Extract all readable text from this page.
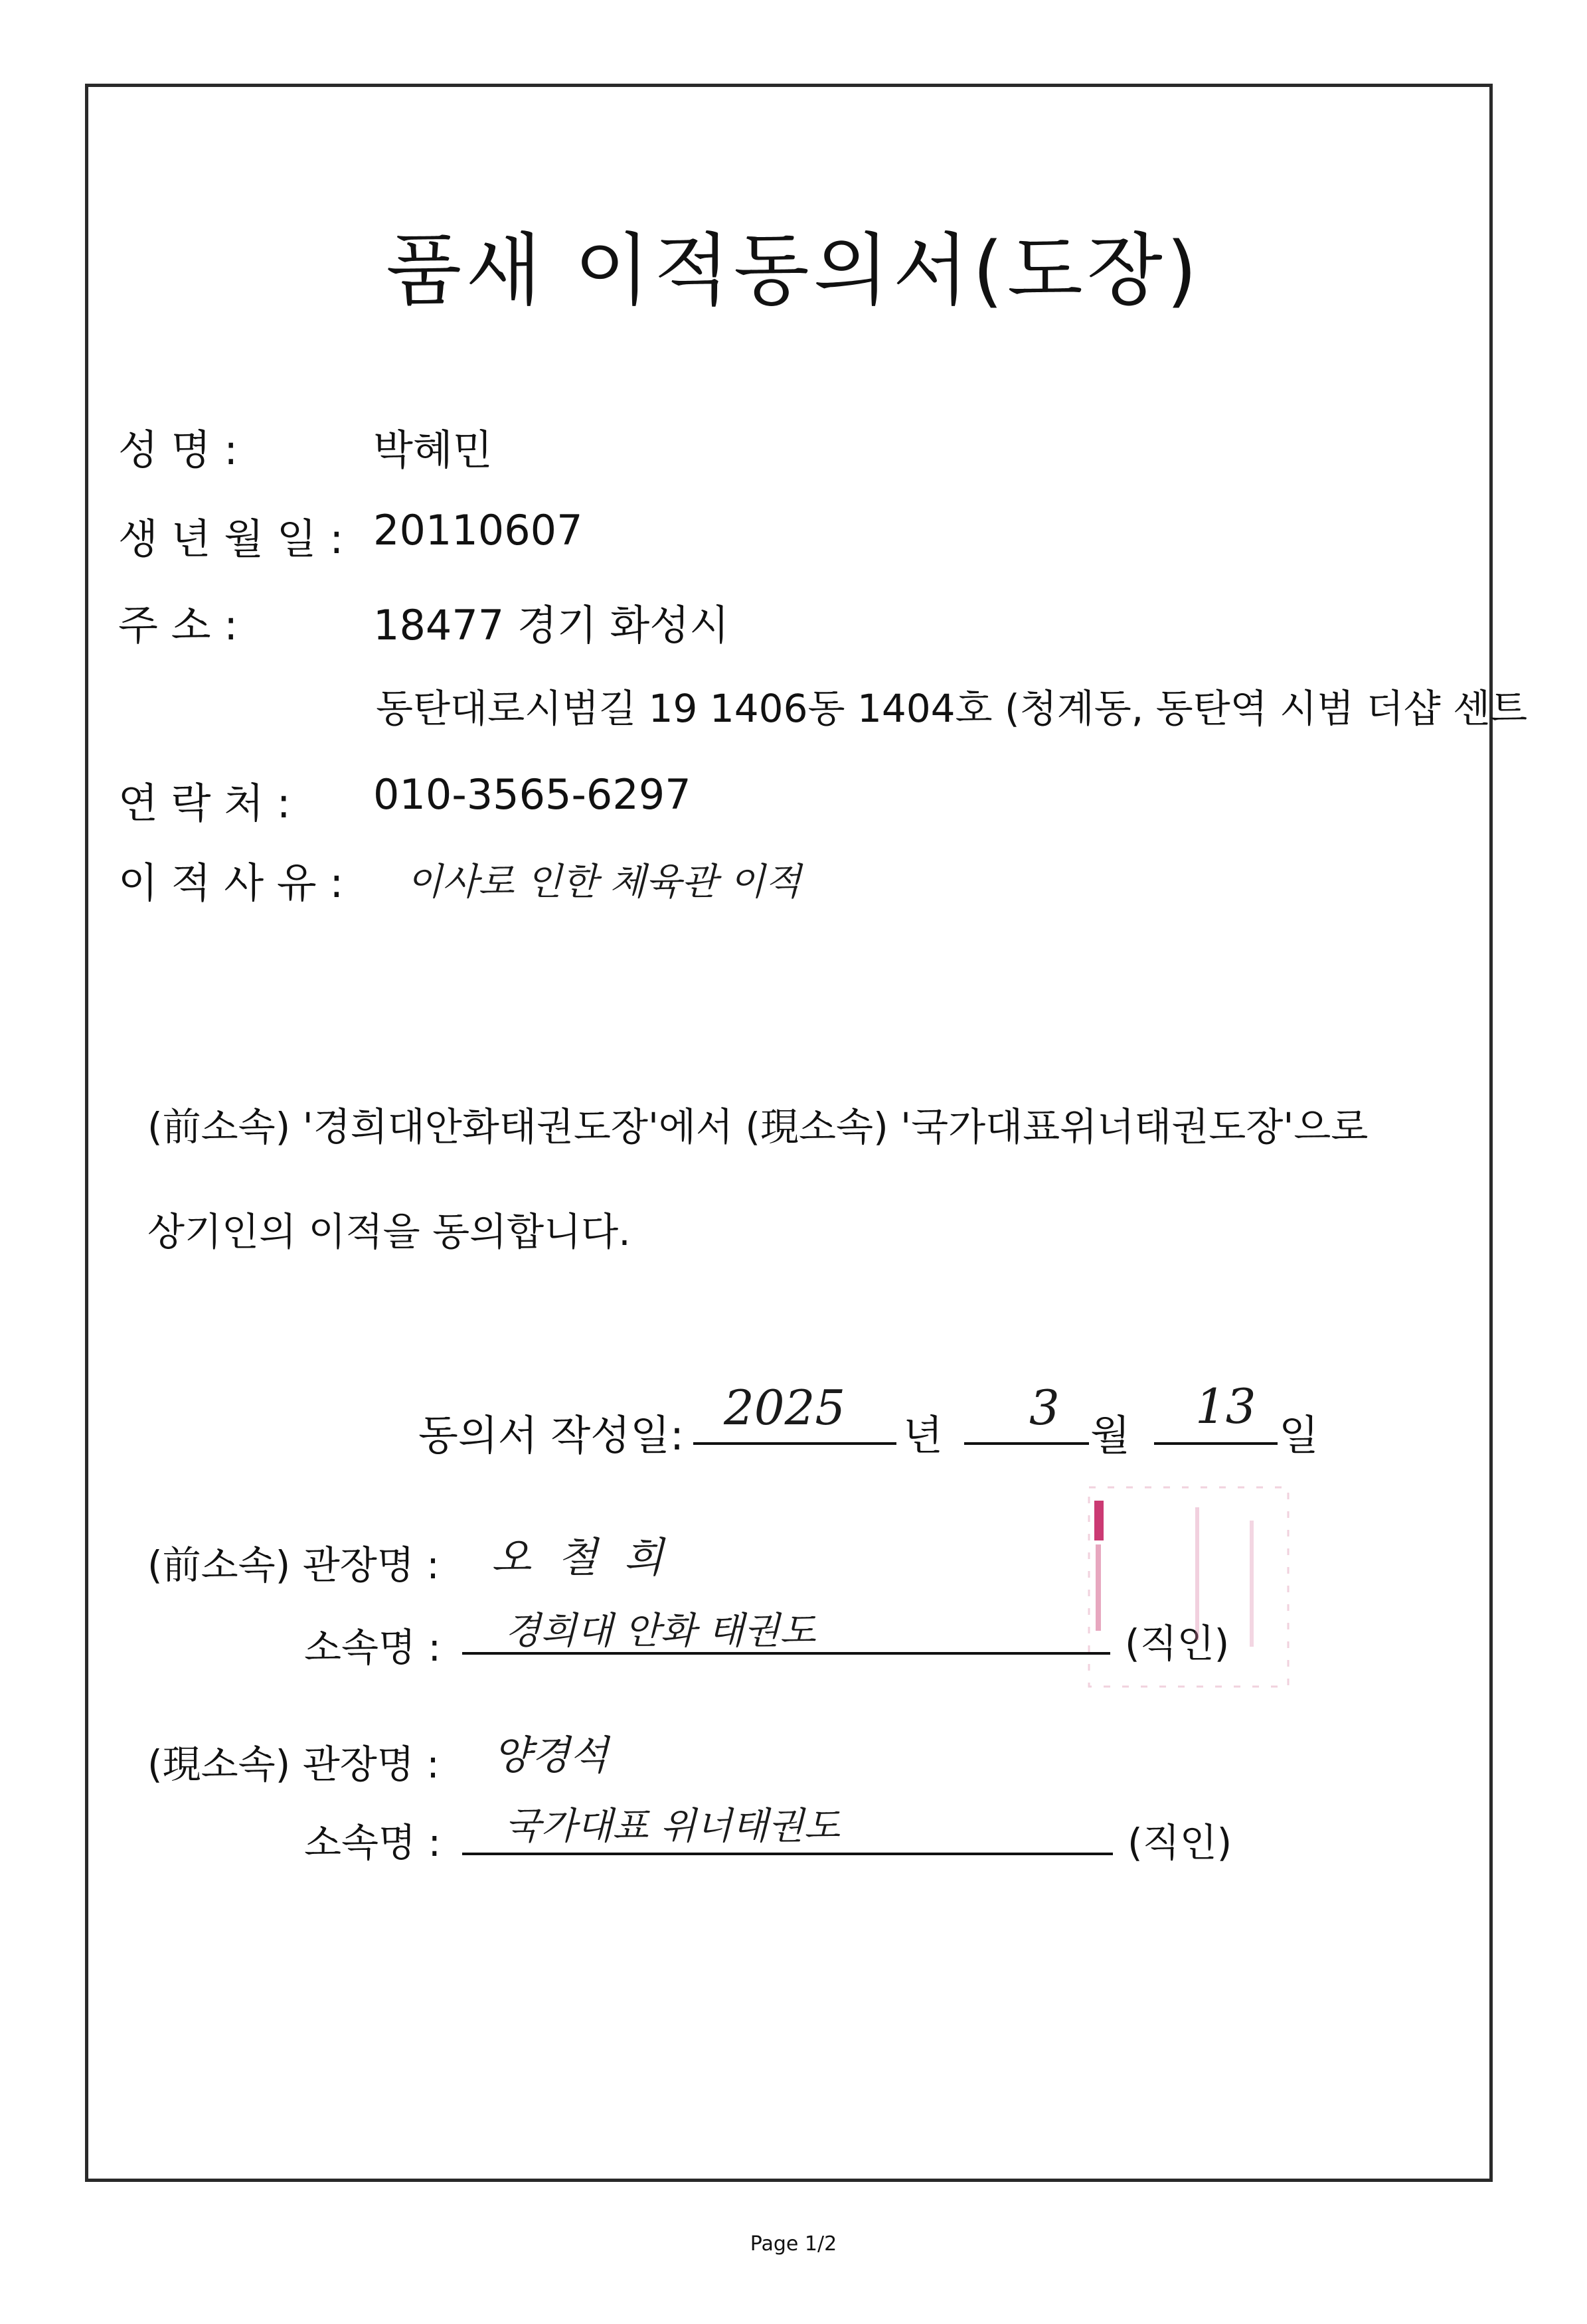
품새 이적동의서(도장)
성 명 :	박혜민
생 년 월 일 : 20110607
주 소 :	18477 경기 화성시
동탄대로시범길 19 1406동 1404호 (청계동, 동탄역 시범 더샵 센트
연 락 처 : 010-3565-6297
이 적 사 유 : 이사로 인한 체육관 이적
(前소속) '경희대안화태권도장'에서 (現소속) '국가대표위너태권도장'으로
상기인의 이적을 동의합니다.
동의서 작성일: 2025 년 3 월
13
일
(前소속) 관장명 : 오 철 희
소속명 : 경희대 안화 태권도	(직인)
(現소속) 관장명 : 양경석
소속명 : 국가대표 위너태권도	(직인)
Page 1/2
